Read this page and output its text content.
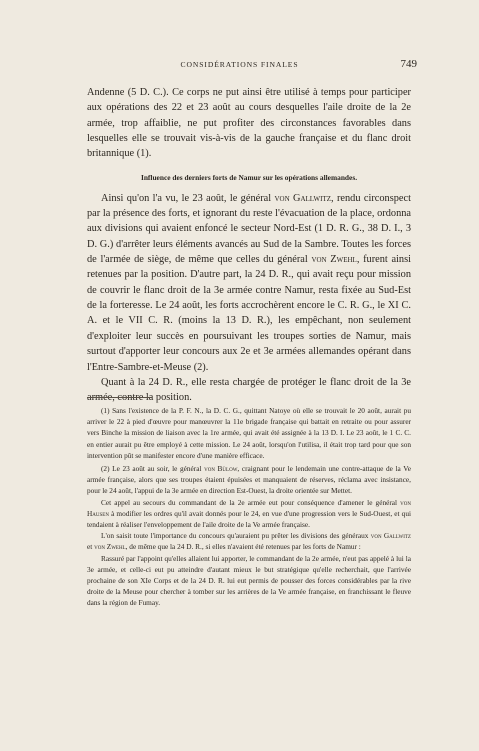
CONSIDÉRATIONS FINALES	749

Andenne (5 D. C.). Ce corps ne put ainsi être utilisé à temps pour participer aux opérations des 22 et 23 août au cours desquelles l'aile droite de la 2e armée, trop affaiblie, ne put profiter des circonstances favorables dans lesquelles elle se trouvait vis-à-vis de la gauche française et du flanc droit britannique (1).

Influence des derniers forts de Namur sur les opérations allemandes.

Ainsi qu'on l'a vu, le 23 août, le général von Gallwitz, rendu circonspect par la présence des forts, et ignorant du reste l'évacuation de la place, ordonna aux divisions qui avaient enfoncé le secteur Nord-Est (1 D. R. G., 38 D. I., 3 D. G.) d'arrêter leurs éléments avancés au Sud de la Sambre. Toutes les forces de l'armée de siège, de même que celles du général von Zwehl, furent ainsi retenues par la position. D'autre part, la 24 D. R., qui avait reçu pour mission de couvrir le flanc droit de la 3e armée contre Namur, resta fixée au Sud-Est de la forteresse. Le 24 août, les forts accrochèrent encore le C. R. G., le XI C. A. et le VII C. R. (moins la 13 D. R.), les empêchant, non seulement d'exploiter leur succès en poursuivant les troupes sorties de Namur, mais surtout d'apporter leur concours aux 2e et 3e armées allemandes opérant dans l'Entre-Sambre-et-Meuse (2).

Quant à la 24 D. R., elle resta chargée de protéger le flanc droit de la 3e armée, contre la position.

(1) Sans l'existence de la P. F. N., la D. C. G., quittant Natoye où elle se trouvait le 20 août, aurait pu arriver le 22 à pied d'œuvre pour manœuvrer la 11e brigade française qui battait en retraite ou pour assurer vers Binche la mission de liaison avec la 1re armée, qui avait été assignée à la 13 D. I. Le 23 août, le 1 C. C. en entier aurait pu être employé à cette mission. Le 24 août, lorsqu'on l'utilisa, il était trop tard pour que son intervention pût se manifester encore d'une manière efficace.

(2) Le 23 août au soir, le général von Bülow, craignant pour le lendemain une contre-attaque de la Ve armée française, alors que ses troupes étaient épuisées et manquaient de réserves, réclama avec insistance, pour le 24 août, l'appui de la 3e armée en direction Est-Ouest, la droite orientée sur Mettet.

Cet appel au secours du commandant de la 2e armée eut pour conséquence d'amener le général von Hausen à modifier les ordres qu'il avait donnés pour le 24, en vue d'une progression vers le Sud-Ouest, et qui tendaient à réaliser l'enveloppement de l'aile droite de la Ve armée française.

L'on saisit toute l'importance du concours qu'auraient pu prêter les divisions des généraux von Gallwitz et von Zwehl, de même que la 24 D. R., si elles n'avaient été retenues par les forts de Namur :

Rassuré par l'appoint qu'elles allaient lui apporter, le commandant de la 2e armée, n'eut pas appelé à lui la 3e armée, et celle-ci eut pu atteindre d'autant mieux le but stratégique qu'elle recherchait, que l'arrivée prochaine de son XIe Corps et de la 24 D. R. lui eut permis de pousser des forces considérables par la rive droite de la Meuse pour chercher à tomber sur les arrières de la Ve armée française, en franchissant le fleuve dans la région de Fumay.
